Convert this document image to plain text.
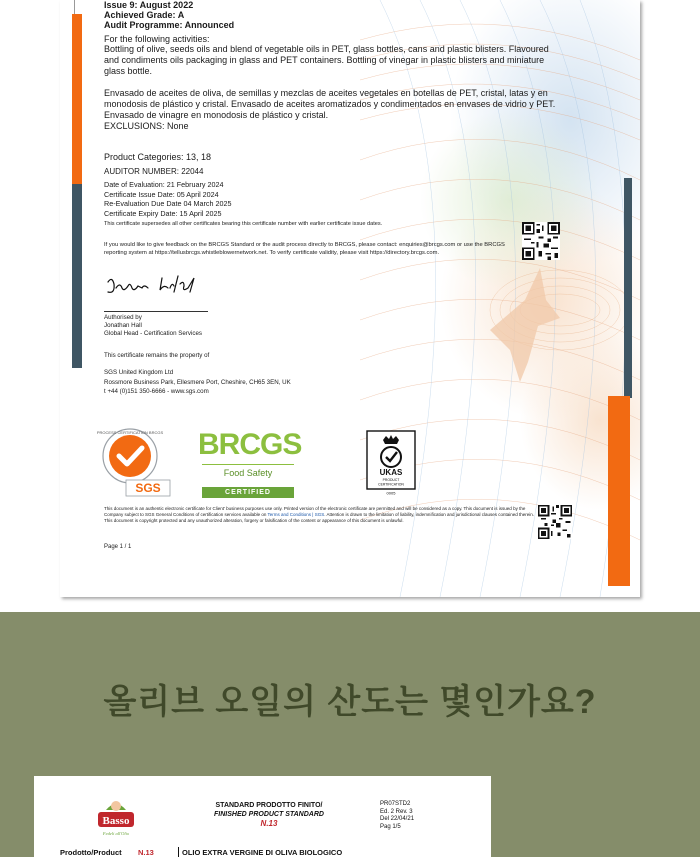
Issue 9: August 2022
Achieved Grade: A
Audit Programme: Announced
For the following activities:
Bottling of olive, seeds oils and blend of vegetable oils in PET, glass bottles, cans and plastic blisters. Flavoured and condiments oils packaging in glass and PET containers. Bottling of vinegar in plastic blisters and miniature glass bottle.
Envasado de aceites de oliva, de semillas y mezclas de aceites vegetales en botellas de PET, cristal, latas y en monodosis de plástico y cristal. Envasado de aceites aromatizados y condimentados en envases de vidrio y PET. Envasado de vinagre en monodosis de plástico y cristal.
EXCLUSIONS: None
Product Categories: 13, 18
AUDITOR NUMBER: 22044
Date of Evaluation: 21 February 2024
Certificate Issue Date: 05 April 2024
Re-Evaluation Due Date 04 March 2025
Certificate Expiry Date: 15 April 2025
This certificate supersedes all other certificates bearing this certificate number with earlier certificate issue dates.
If you would like to give feedback on the BRCGS Standard or the audit process directly to BRCGS, please contact: enquiries@brcgs.com or use the BRCGS reporting system at https://tellusbrcgs.whistleblowernetwork.net. To verify certificate validity, please visit https://directory.brcgs.com.
Authorised by
Jonathan Hall
Global Head - Certification Services
This certificate remains the property of
SGS United Kingdom Ltd
Rossmore Business Park, Ellesmere Port, Cheshire, CH65 3EN, UK
t +44 (0)151 350-6666 - www.sgs.com
PROCESS CERTIFICATION BRCGS
SGS
BRCGS
Food Safety
CERTIFIED
UKAS
PRODUCT
CERTIFICATION
0005
This document is an authentic electronic certificate for Client' business purposes use only. Printed version of the electronic certificate are permitted and will be considered as a copy. This document is issued by the Company subject to SGS General Conditions of certification services available on Terms and Conditions | SGS. Attention is drawn to the limitation of liability, indemnification and jurisdictional clauses contained therein. This document is copyright protected and any unauthorized alteration, forgery or falsification of the content or appearance of this document is unlawful.
Page 1 / 1
올리브 오일의 산도는 몇인가요?
Basso
Fedeli all'Olio
STANDARD PRODOTTO FINITO/
FINISHED PRODUCT STANDARD
N.13
PR07STD2
Ed. 2 Rev. 3
Del 22/04/21
Pag 1/5
Prodotto/Product N.13	OLIO EXTRA VERGINE DI OLIVA BIOLOGICO
